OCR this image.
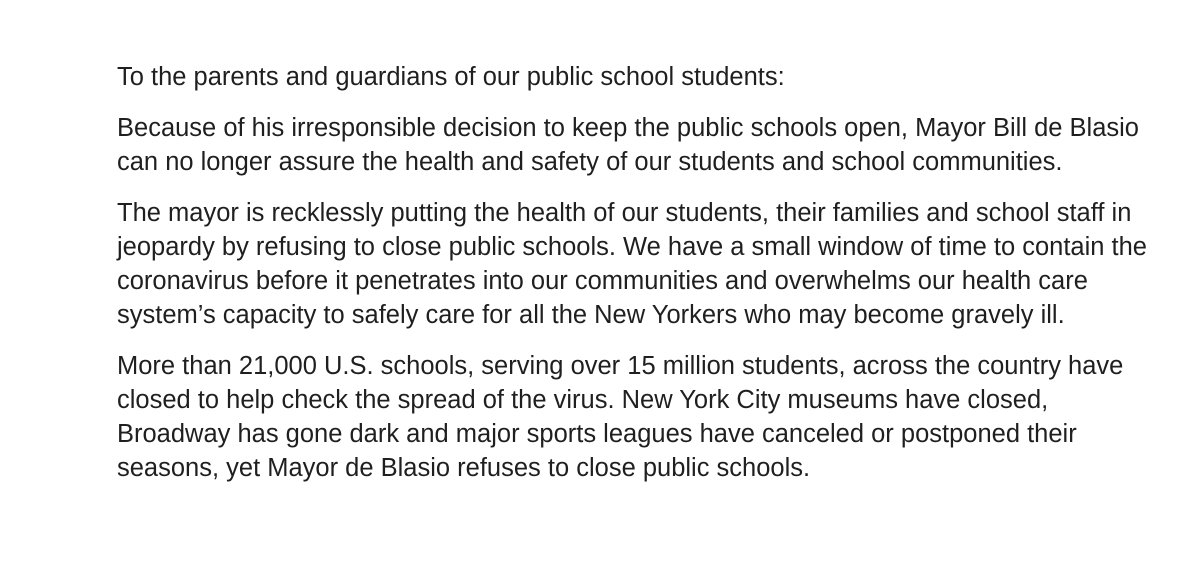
To the parents and guardians of our public school students:

Because of his irresponsible decision to keep the public schools open, Mayor Bill de Blasio can no longer assure the health and safety of our students and school communities.

The mayor is recklessly putting the health of our students, their families and school staff in jeopardy by refusing to close public schools. We have a small window of time to contain the coronavirus before it penetrates into our communities and overwhelms our health care system’s capacity to safely care for all the New Yorkers who may become gravely ill.

More than 21,000 U.S. schools, serving over 15 million students, across the country have closed to help check the spread of the virus. New York City museums have closed, Broadway has gone dark and major sports leagues have canceled or postponed their seasons, yet Mayor de Blasio refuses to close public schools.
